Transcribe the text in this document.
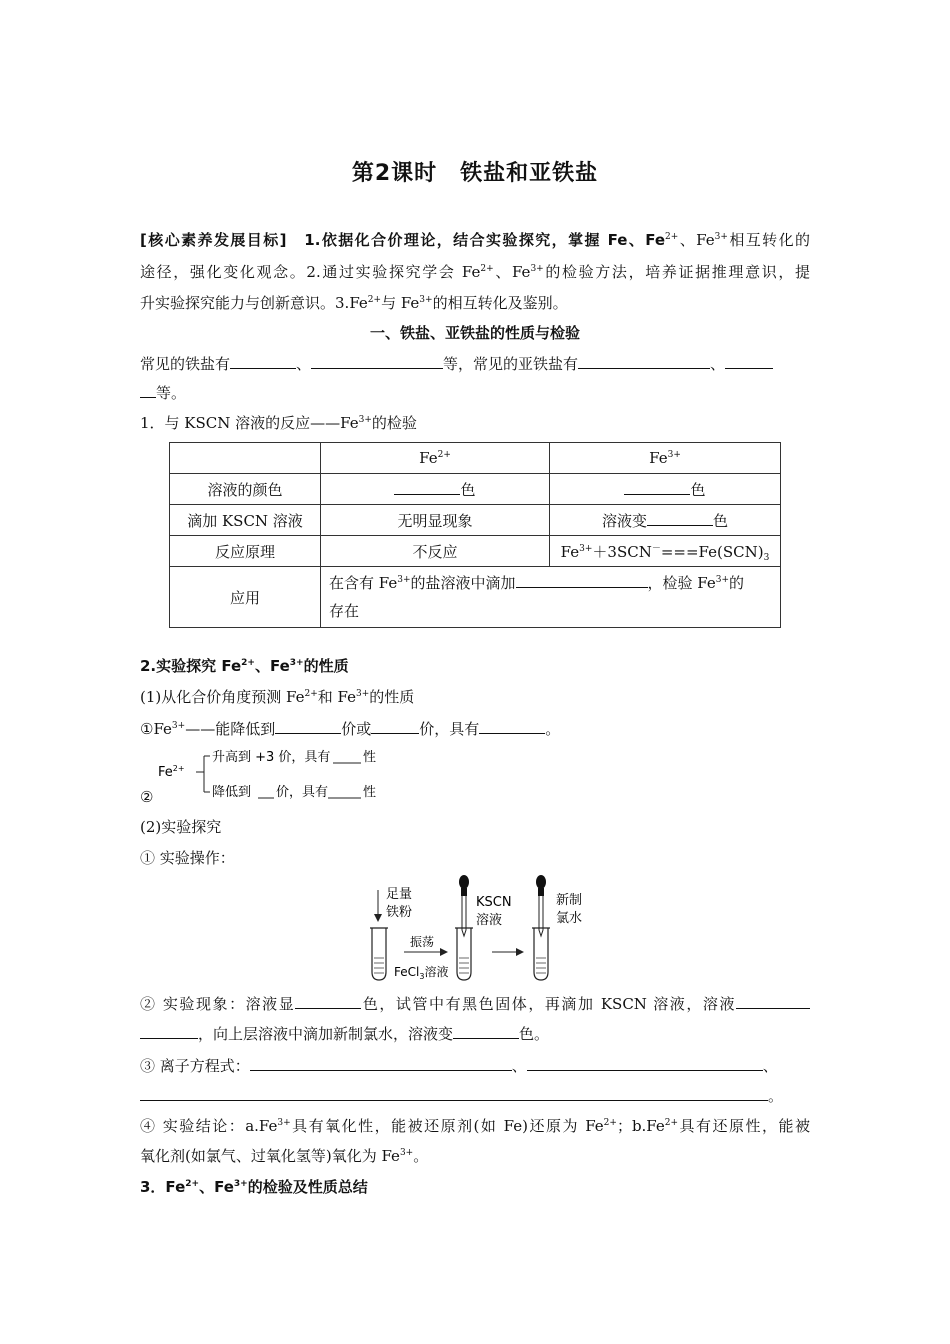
第2课时　铁盐和亚铁盐
[核心素养发展目标]　1.依据化合价理论，结合实验探究，掌握 Fe、$Fe^{2+}$、$Fe^{3+}$相互转化的
途径，强化变化观念。2.通过实验探究学会 $Fe^{2+}$、$Fe^{3+}$的检验方法，培养证据推理意识，提
升实验探究能力与创新意识。$3.Fe^{2+}$与 $Fe^{3+}$的相互转化及鉴别。
一、铁盐、亚铁盐的性质与检验
常见的铁盐有	、	等，常见的亚铁盐有	、
等。
1．与 KSCN 溶液的反应$——Fe^{3+}$的检验
	$Fe^{2+}$	$Fe^{3+}$
溶液的颜色	色	色
滴加 KSCN 溶液	无明显现象	溶液变 色
反应原理	不反应	$Fe^{3+}+3SCN^-===Fe(SCN)_3$
应用	在含有 $Fe^{3+}$的盐溶液中滴加 ，检验 $Fe^{3+}$的
存在	
2.实验探究 $Fe^{2+}$、$Fe^{3+}$的性质
(1)从化合价角度预测 $Fe^{2+}$和 $Fe^{3+}$的性质
$①Fe^{3+}——$能降低到	价或	价，具有	。
$Fe^{2+}$
升高到 +3 价，具有	性
降低到 价，具有	性
②
(2)实验探究
① 实验操作：
足量
铁粉
振荡
FeCl$_3$溶液
KSCN
溶液
新制
氯水
② 实验现象：溶液显	色，试管中有黑色固体，再滴加 KSCN 溶液，溶液
，向上层溶液中滴加新制氯水，溶液变	色。
③ 离子方程式：	、	、
。
④ 实验结论：$a.Fe^{3+}$具有氧化性，能被还原剂(如 Fe)还原为 $Fe^{2+}$；$b.Fe^{2+}$具有还原性，能被
氧化剂(如氯气、过氧化氢等)氧化为 $Fe^{3+}$。
3．$Fe^{2+}$、$Fe^{3+}$的检验及性质总结
